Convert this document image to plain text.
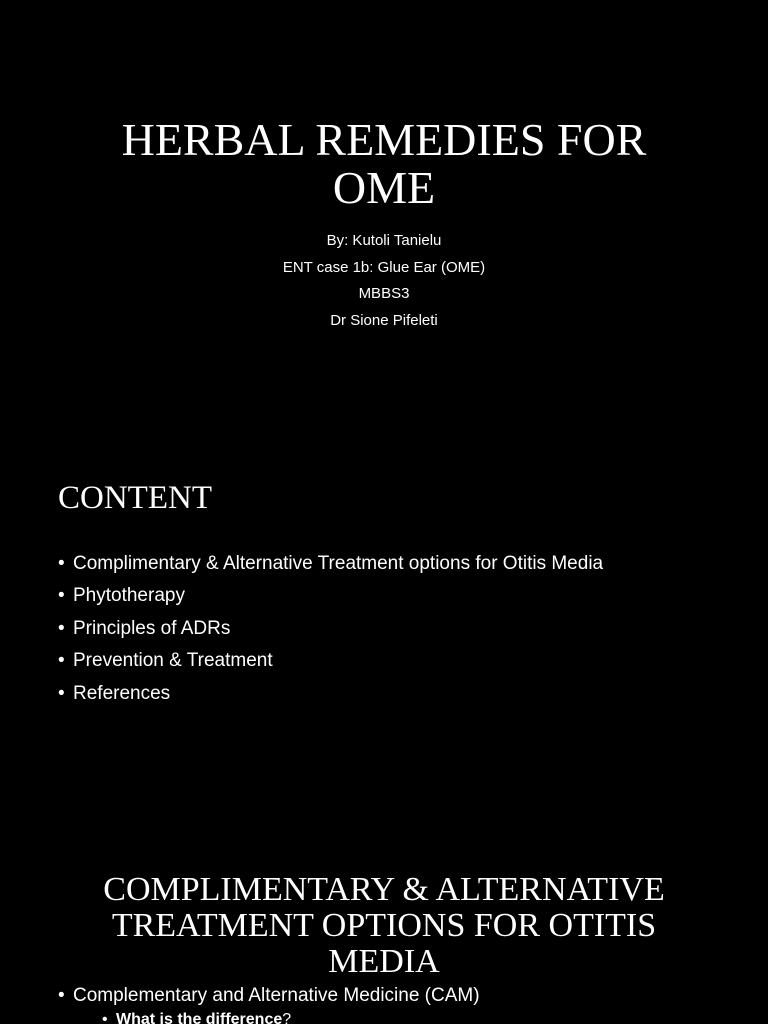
HERBAL REMEDIES FOR
OME
By: Kutoli Tanielu
ENT case 1b: Glue Ear (OME)
MBBS3
Dr Sione Pifeleti
CONTENT
• Complimentary & Alternative Treatment options for Otitis Media
• Phytotherapy
• Principles of ADRs
• Prevention & Treatment
• References
COMPLIMENTARY & ALTERNATIVE
TREATMENT OPTIONS FOR OTITIS
MEDIA
• Complementary and Alternative Medicine (CAM)
• What is the difference?
